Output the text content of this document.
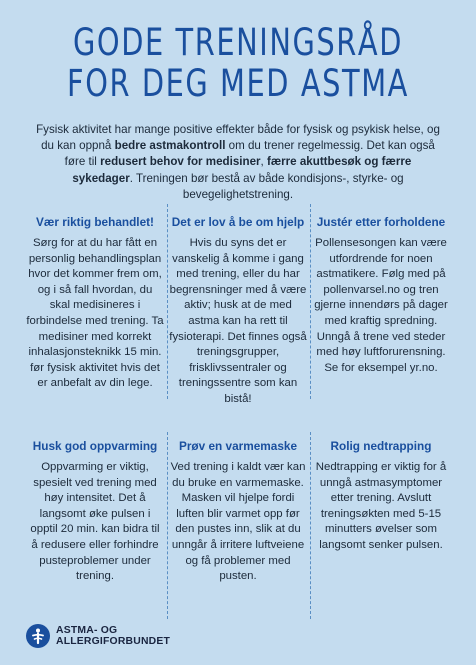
GODE TRENINGSRÅD
FOR DEG MED ASTMA
Fysisk aktivitet har mange positive effekter både for fysisk og psykisk helse, og du kan oppnå bedre astmakontroll om du trener regelmessig. Det kan også føre til redusert behov for medisiner, færre akuttbesøk og færre sykedager. Treningen bør bestå av både kondisjons-, styrke- og bevegelighetstrening.
Vær riktig behandlet!

Sørg for at du har fått en personlig behandlingsplan hvor det kommer frem om, og i så fall hvordan, du skal medisineres i forbindelse med trening. Ta medisiner med korrekt inhalasjonsteknikk 15 min. før fysisk aktivitet hvis det er anbefalt av din lege.

Det er lov å be om hjelp

Hvis du syns det er vanskelig å komme i gang med trening, eller du har begrensninger med å være aktiv; husk at de med astma kan ha rett til fysioterapi. Det finnes også treningsgrupper, frisklivssentraler og treningssentre som kan bistå!

Justér etter forholdene

Pollensesongen kan være utfordrende for noen astmatikere. Følg med på pollenvarsel.no og tren gjerne innendørs på dager med kraftig spredning. Unngå å trene ved steder med høy luftforurensning. Se for eksempel yr.no.

Husk god oppvarming

Oppvarming er viktig, spesielt ved trening med høy intensitet. Det å langsomt øke pulsen i opptil 20 min. kan bidra til å redusere eller forhindre pusteproblemer under trening.

Prøv en varmemaske

Ved trening i kaldt vær kan du bruke en varmemaske. Masken vil hjelpe fordi luften blir varmet opp før den pustes inn, slik at du unngår å irritere luftveiene og få problemer med pusten.

Rolig nedtrapping

Nedtrapping er viktig for å unngå astmasymptomer etter trening. Avslutt treningsøkten med 5-15 minutters øvelser som langsomt senker pulsen.

ASTMA- OG
ALLERGIFORBUNDET
